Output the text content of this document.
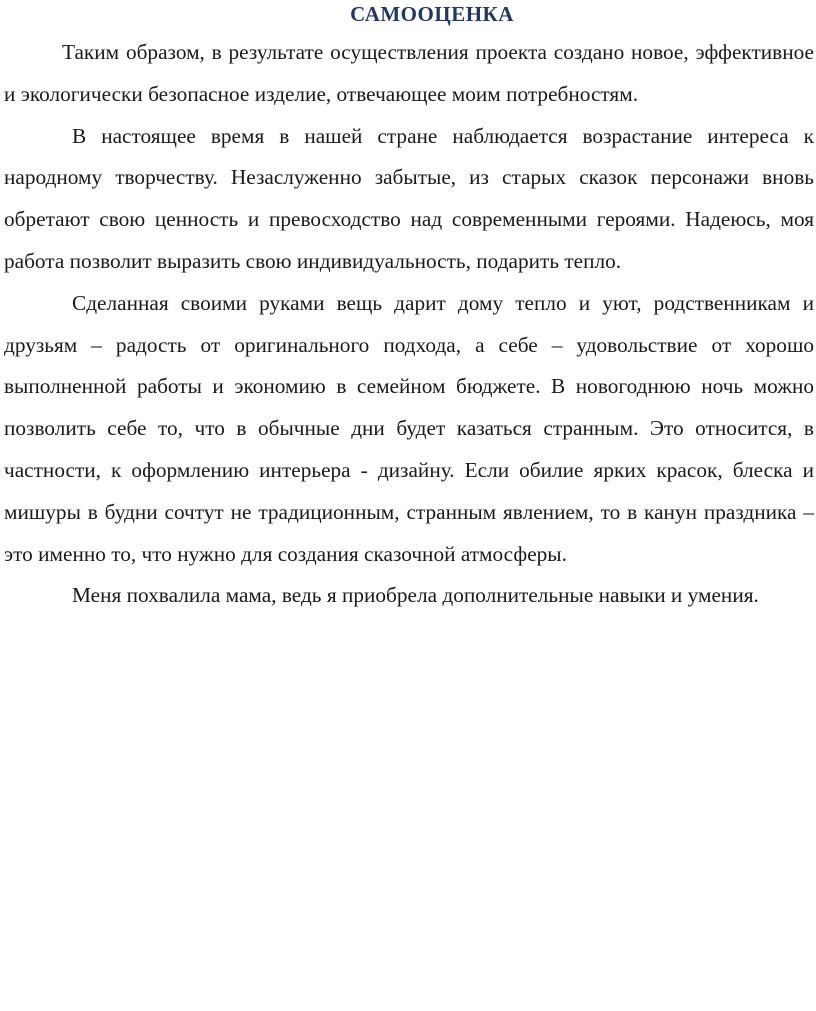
САМООЦЕНКА

Таким образом, в результате осуществления проекта создано новое, эффективное и экологически безопасное изделие, отвечающее моим потребностям.

В настоящее время в нашей стране наблюдается возрастание интереса к народному творчеству. Незаслуженно забытые, из старых сказок персонажи вновь обретают свою ценность и превосходство над современными героями. Надеюсь, моя работа позволит выразить свою индивидуальность, подарить тепло.

Сделанная своими руками вещь дарит дому тепло и уют, родственникам и друзьям – радость от оригинального подхода, а себе – удовольствие от хорошо выполненной работы и экономию в семейном бюджете. В новогоднюю ночь можно позволить себе то, что в обычные дни будет казаться странным. Это относится, в частности, к оформлению интерьера - дизайну. Если обилие ярких красок, блеска и мишуры в будни сочтут не традиционным, странным явлением, то в канун праздника – это именно то, что нужно для создания сказочной атмосферы.

Меня похвалила мама, ведь я приобрела дополнительные навыки и умения.
